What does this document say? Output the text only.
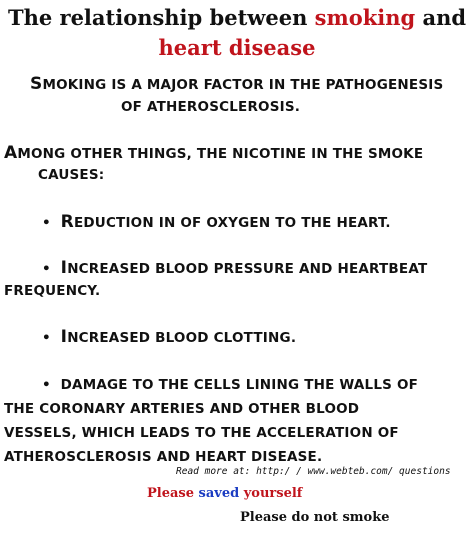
The relationship between smoking and
heart disease
SMOKING IS A MAJOR FACTOR IN THE PATHOGENESIS
OF ATHEROSCLEROSIS.
AMONG OTHER THINGS, THE NICOTINE IN THE SMOKE
CAUSES:
• REDUCTION IN OF OXYGEN TO THE HEART.
• INCREASED BLOOD PRESSURE AND HEARTBEAT
FREQUENCY.
• INCREASED BLOOD CLOTTING.
• DAMAGE TO THE CELLS LINING THE WALLS OF
THE CORONARY ARTERIES AND OTHER BLOOD
VESSELS, WHICH LEADS TO THE ACCELERATION OF
ATHEROSCLEROSIS AND HEART DISEASE.
Read more at: http:/ / www.webteb.com/ questions
Please saved yourself
Please do not smoke
